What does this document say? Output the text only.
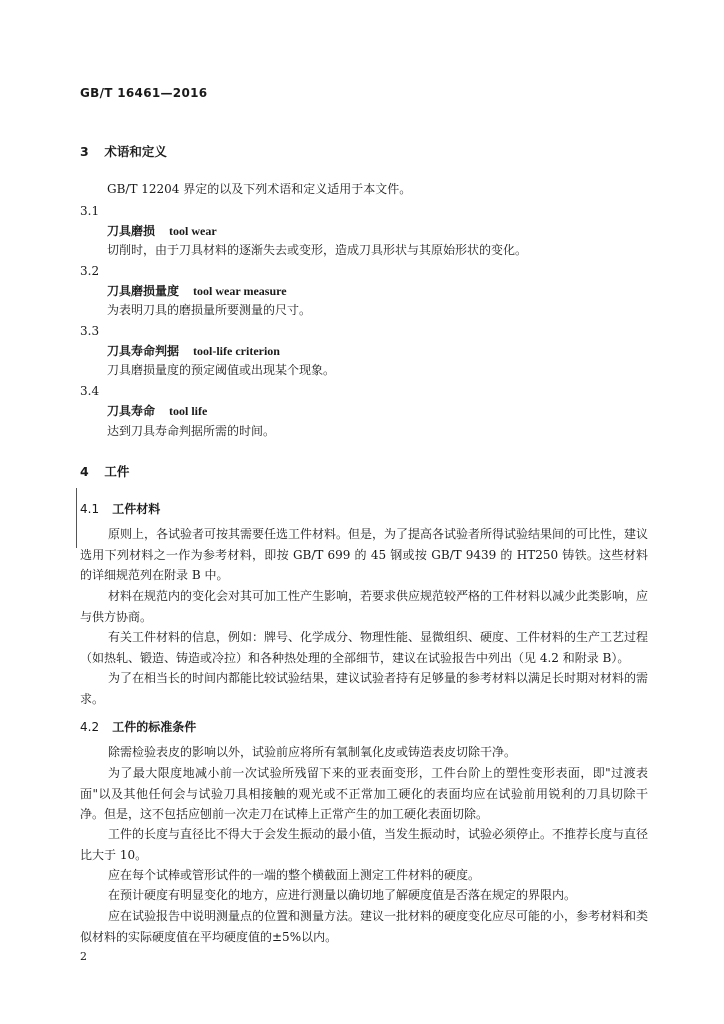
GB/T 16461—2016
3 术语和定义
GB/T 12204 界定的以及下列术语和定义适用于本文件。
3.1
刀具磨损 tool wear
切削时，由于刀具材料的逐渐失去或变形，造成刀具形状与其原始形状的变化。
3.2
刀具磨损量度 tool wear measure
为表明刀具的磨损量所要测量的尺寸。
3.3
刀具寿命判据 tool-life criterion
刀具磨损量度的预定阈值或出现某个现象。
3.4
刀具寿命 tool life
达到刀具寿命判据所需的时间。
4 工件
4.1 工件材料

原则上，各试验者可按其需要任选工件材料。但是，为了提高各试验者所得试验结果间的可比性，建议选用下列材料之一作为参考材料，即按 GB/T 699 的 45 钢或按 GB/T 9439 的 HT250 铸铁。这些材料的详细规范列在附录 B 中。

材料在规范内的变化会对其可加工性产生影响，若要求供应规范较严格的工件材料以减少此类影响，应与供方协商。

有关工件材料的信息，例如：牌号、化学成分、物理性能、显微组织、硬度、工件材料的生产工艺过程（如热轧、锻造、铸造或冷拉）和各种热处理的全部细节，建议在试验报告中列出（见 4.2 和附录 B）。

为了在相当长的时间内都能比较试验结果，建议试验者持有足够量的参考材料以满足长时期对材料的需求。

4.2 工件的标准条件

除需检验表皮的影响以外，试验前应将所有氧制氧化皮或铸造表皮切除干净。

为了最大限度地减小前一次试验所残留下来的亚表面变形，工件台阶上的塑性变形表面，即"过渡表面"以及其他任何会与试验刀具相接触的观光或不正常加工硬化的表面均应在试验前用锐利的刀具切除干净。但是，这不包括应刨前一次走刀在试棒上正常产生的加工硬化表面切除。

工件的长度与直径比不得大于会发生振动的最小值，当发生振动时，试验必须停止。不推荐长度与直径比大于 10。

应在每个试棒或管形试件的一端的整个横截面上测定工件材料的硬度。

在预计硬度有明显变化的地方，应进行测量以确切地了解硬度值是否落在规定的界限内。

应在试验报告中说明测量点的位置和测量方法。建议一批材料的硬度变化应尽可能的小，参考材料和类似材料的实际硬度值在平均硬度值的±5%以内。

2
